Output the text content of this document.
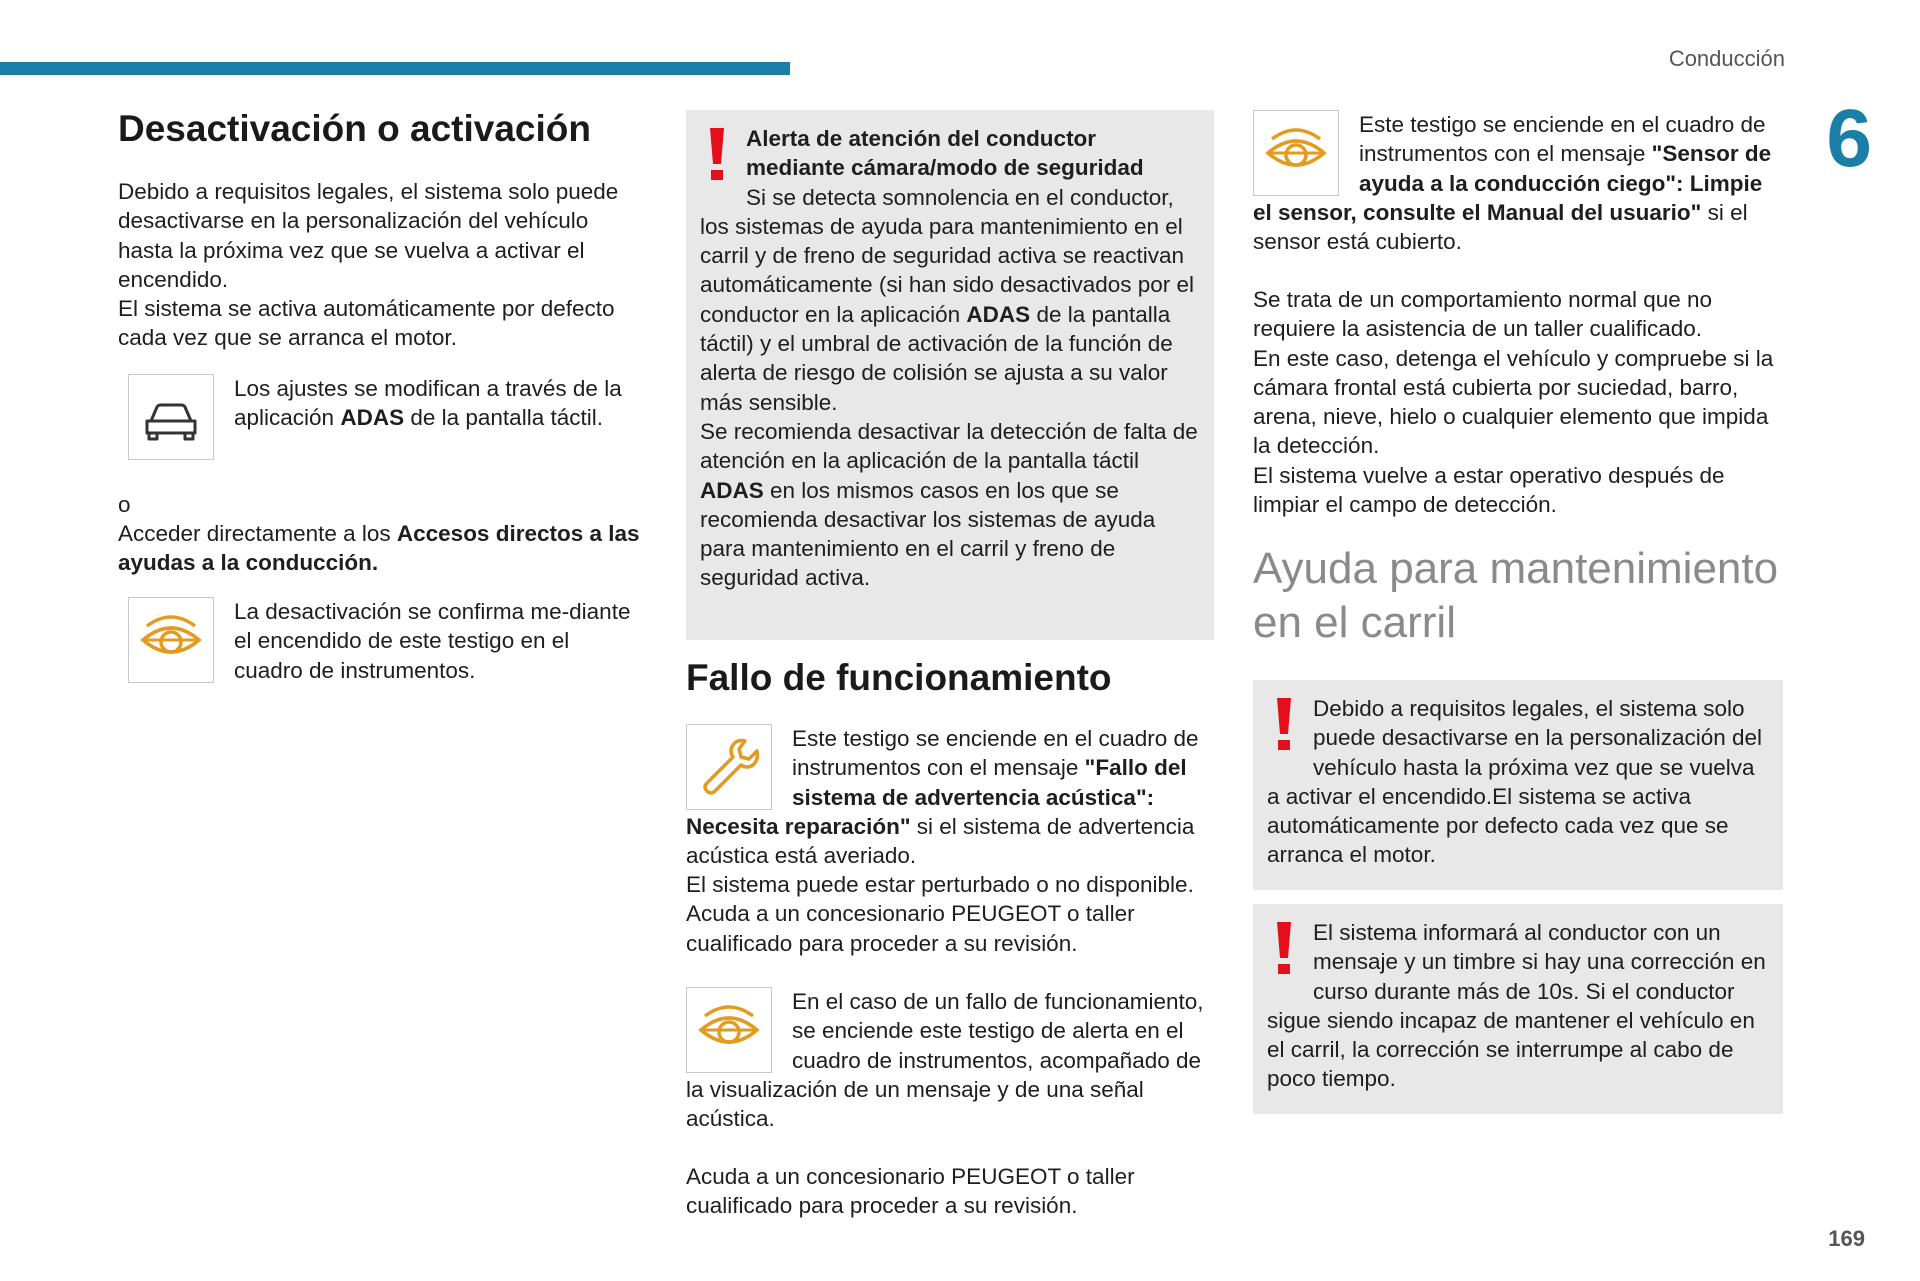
Conducción
6
169
Desactivación o activación

Debido a requisitos legales, el sistema solo puede desactivarse en la personalización del vehículo hasta la próxima vez que se vuelva a activar el encendido.

El sistema se activa automáticamente por defecto cada vez que se arranca el motor.

Los ajustes se modifican a través de la aplicación ADAS de la pantalla táctil.

o

Acceder directamente a los Accesos directos a las ayudas a la conducción.

La desactivación se confirma me-diante el encendido de este testigo en el cuadro de instrumentos.

Alerta de atención del conductor mediante cámara/modo de seguridad

Si se detecta somnolencia en el conductor, los sistemas de ayuda para mantenimiento en el carril y de freno de seguridad activa se reactivan automáticamente (si han sido desactivados por el conductor en la aplicación ADAS de la pantalla táctil) y el umbral de activación de la función de alerta de riesgo de colisión se ajusta a su valor más sensible.

Se recomienda desactivar la detección de falta de atención en la aplicación de la pantalla táctil ADAS en los mismos casos en los que se recomienda desactivar los sistemas de ayuda para mantenimiento en el carril y freno de seguridad activa.

Fallo de funcionamiento

Este testigo se enciende en el cuadro de instrumentos con el mensaje "Fallo del sistema de advertencia acústica": Necesita reparación" si el sistema de advertencia acústica está averiado.

El sistema puede estar perturbado o no disponible.

Acuda a un concesionario PEUGEOT o taller cualificado para proceder a su revisión.

En el caso de un fallo de funcionamiento, se enciende este testigo de alerta en el cuadro de instrumentos, acompañado de la visualización de un mensaje y de una señal acústica.

Acuda a un concesionario PEUGEOT o taller cualificado para proceder a su revisión.

Este testigo se enciende en el cuadro de instrumentos con el mensaje "Sensor de ayuda a la conducción ciego": Limpie el sensor, consulte el Manual del usuario" si el sensor está cubierto.

Se trata de un comportamiento normal que no requiere la asistencia de un taller cualificado.

En este caso, detenga el vehículo y compruebe si la cámara frontal está cubierta por suciedad, barro, arena, nieve, hielo o cualquier elemento que impida la detección.

El sistema vuelve a estar operativo después de limpiar el campo de detección.

Ayuda para mantenimiento en el carril

Debido a requisitos legales, el sistema solo puede desactivarse en la personalización del vehículo hasta la próxima vez que se vuelva a activar el encendido.El sistema se activa automáticamente por defecto cada vez que se arranca el motor.

El sistema informará al conductor con un mensaje y un timbre si hay una corrección en curso durante más de 10s. Si el conductor sigue siendo incapaz de mantener el vehículo en el carril, la corrección se interrumpe al cabo de poco tiempo.
